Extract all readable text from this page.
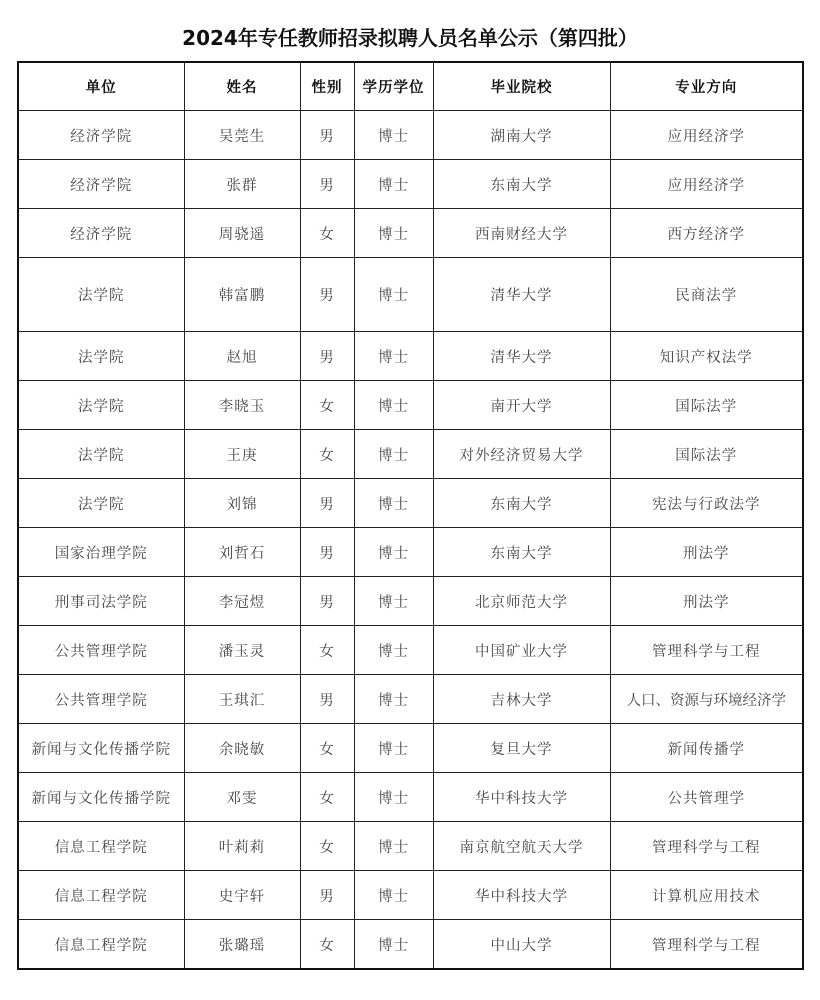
2024年专任教师招录拟聘人员名单公示（第四批）
单位	姓名	性别	学历学位	毕业院校	专业方向
经济学院	吴莞生	男	博士	湖南大学	应用经济学
经济学院	张群	男	博士	东南大学	应用经济学
经济学院	周骁遥	女	博士	西南财经大学	西方经济学
法学院	韩富鹏	男	博士	清华大学	民商法学
法学院	赵旭	男	博士	清华大学	知识产权法学
法学院	李晓玉	女	博士	南开大学	国际法学
法学院	王庚	女	博士	对外经济贸易大学	国际法学
法学院	刘锦	男	博士	东南大学	宪法与行政法学
国家治理学院	刘哲石	男	博士	东南大学	刑法学
刑事司法学院	李冠煜	男	博士	北京师范大学	刑法学
公共管理学院	潘玉灵	女	博士	中国矿业大学	管理科学与工程
公共管理学院	王琪汇	男	博士	吉林大学	人口、资源与环境经济学
新闻与文化传播学院	余晓敏	女	博士	复旦大学	新闻传播学
新闻与文化传播学院	邓雯	女	博士	华中科技大学	公共管理学
信息工程学院	叶莉莉	女	博士	南京航空航天大学	管理科学与工程
信息工程学院	史宇轩	男	博士	华中科技大学	计算机应用技术
信息工程学院	张璐瑶	女	博士	中山大学	管理科学与工程
